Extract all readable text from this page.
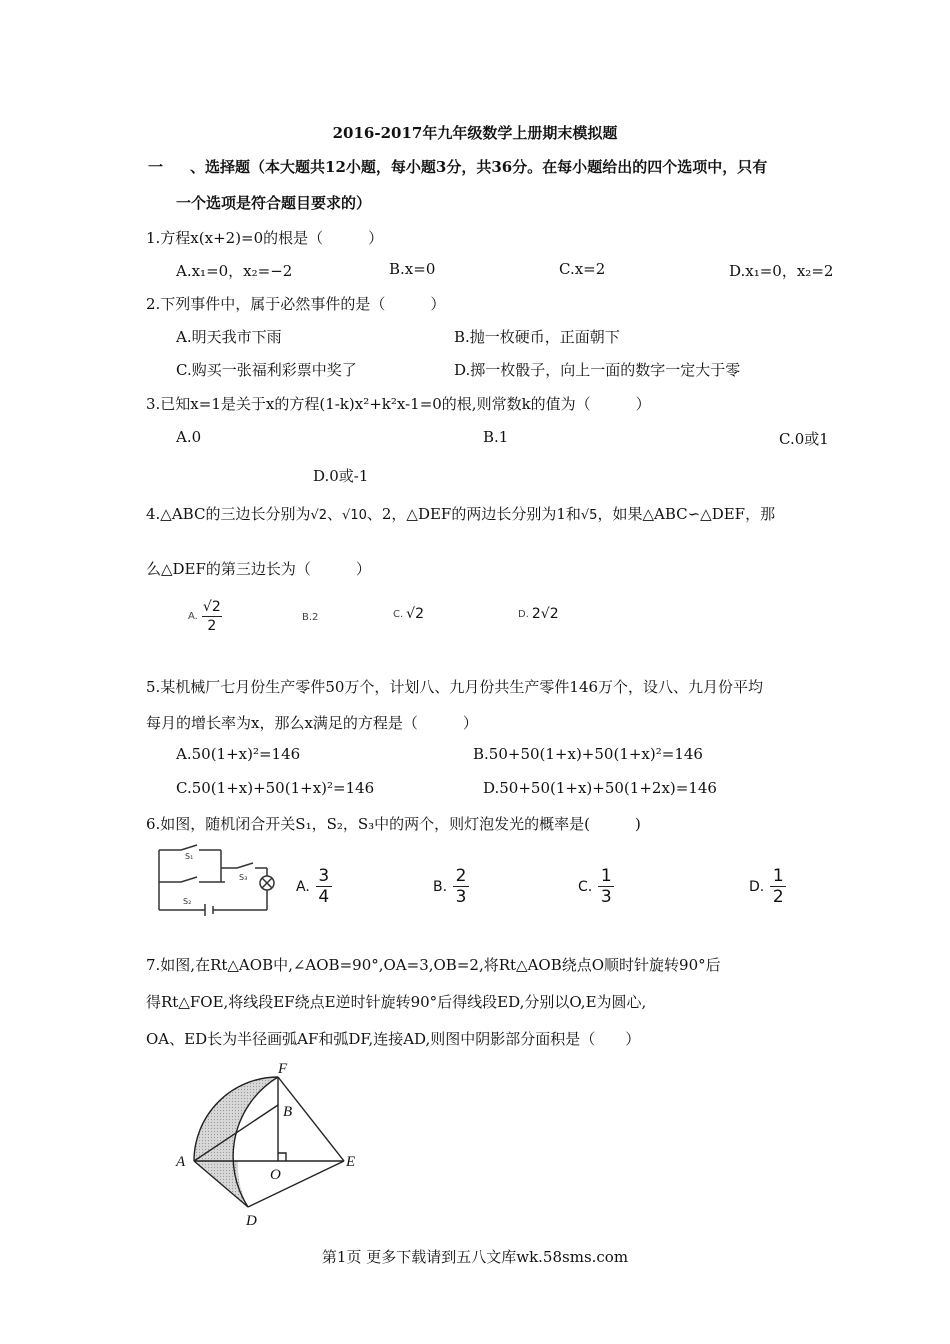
2016-2017年九年级数学上册期末模拟题
一 、选择题（本大题共12小题，每小题3分，共36分。在每小题给出的四个选项中，只有
一个选项是符合题目要求的）
1.方程x(x+2)=0的根是（　　　）
A.x₁=0，x₂=−2	B.x=0	C.x=2	D.x₁=0，x₂=2
2.下列事件中，属于必然事件的是（　　　）
A.明天我市下雨	B.抛一枚硬币，正面朝下
C.购买一张福利彩票中奖了	D.掷一枚骰子，向上一面的数字一定大于零
3.已知x=1是关于x的方程(1-k)x²+k²x-1=0的根,则常数k的值为（　　　）
A.0	B.1	C.0或1
D.0或-1
4.△ABC的三边长分别为√2、√10、2，△DEF的两边长分别为1和√5，如果△ABC∽△DEF，那
么△DEF的第三边长为（　　　）
A. $\frac{√2}{2}$	B.2	C. √2	D. 2√2
5.某机械厂七月份生产零件50万个，计划八、九月份共生产零件146万个，设八、九月份平均
每月的增长率为x，那么x满足的方程是（　　　）
A.50(1+x)²=146	B.50+50(1+x)+50(1+x)²=146
C.50(1+x)+50(1+x)²=146	D.50+50(1+x)+50(1+2x)=146
6.如图，随机闭合开关S₁，S₂，S₃中的两个，则灯泡发光的概率是(　　　)
S₁
S₂
S₃
A. $\frac{3}{4}$	B. $\frac{2}{3}$	C. $\frac{1}{3}$	D. $\frac{1}{2}$
7.如图,在Rt△AOB中,∠AOB=90°,OA=3,OB=2,将Rt△AOB绕点O顺时针旋转90°后
得Rt△FOE,将线段EF绕点E逆时针旋转90°后得线段ED,分别以O,E为圆心,
OA、ED长为半径画弧AF和弧DF,连接AD,则图中阴影部分面积是（　　）
F
B
A
O
E
D
第1页 更多下载请到五八文库wk.58sms.com
